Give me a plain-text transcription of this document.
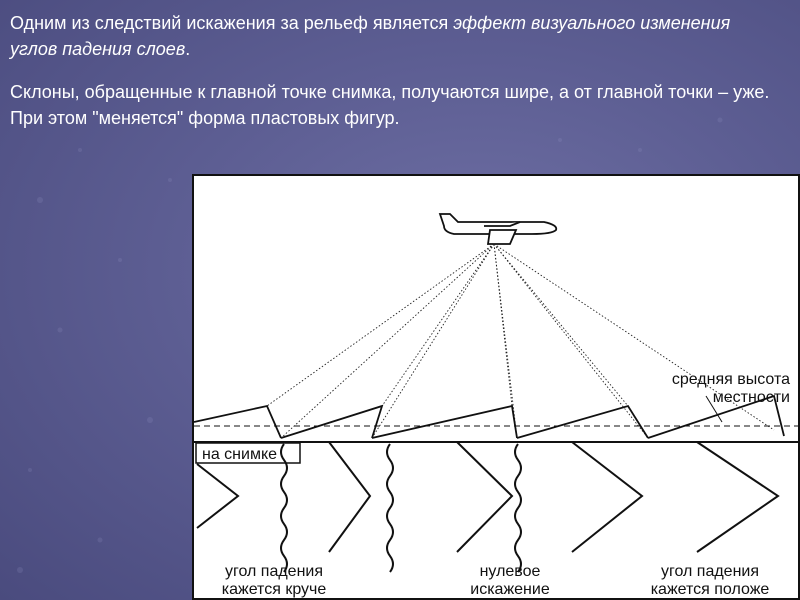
Одним из следствий искажения за рельеф является эффект визуального изменения углов падения слоев.
Склоны, обращенные к главной точке снимка, получаются шире, а от главной точки – уже. При этом "меняется" форма пластовых фигур.
средняя высота
местности
на снимке
угол падения
кажется круче
нулевое
искажение
угол падения
кажется положе
